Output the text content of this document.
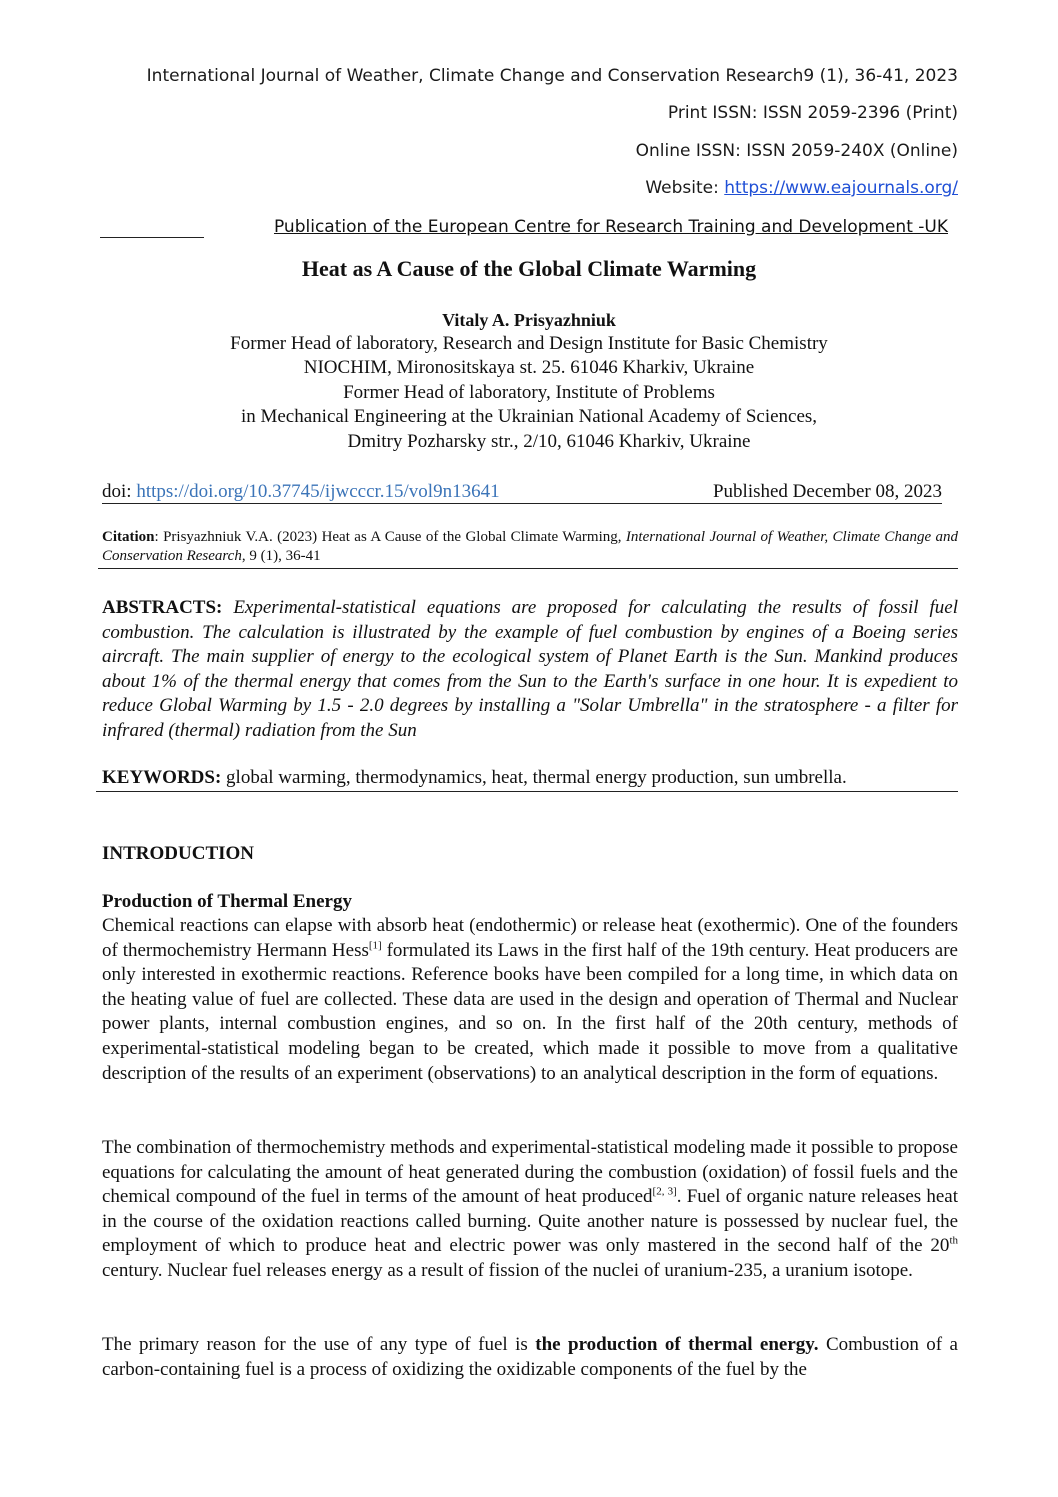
International Journal of Weather, Climate Change and Conservation Research9 (1), 36-41, 2023
Print ISSN: ISSN 2059-2396 (Print)
Online ISSN: ISSN 2059-240X (Online)
Website: https://www.eajournals.org/
Publication of the European Centre for Research Training and Development -UK
Heat as A Cause of the Global Climate Warming
Vitaly A. Prisyazhniuk
Former Head of laboratory, Research and Design Institute for Basic Chemistry
NIOCHIM, Mironositskaya st. 25. 61046 Kharkiv, Ukraine
Former Head of laboratory, Institute of Problems
in Mechanical Engineering at the Ukrainian National Academy of Sciences,
Dmitry Pozharsky str., 2/10, 61046 Kharkiv, Ukraine
doi: https://doi.org/10.37745/ijwcccr.15/vol9n13641	Published December 08, 2023
Citation: Prisyazhniuk V.A. (2023) Heat as A Cause of the Global Climate Warming, International Journal of Weather, Climate Change and Conservation Research, 9 (1), 36-41
ABSTRACTS: Experimental-statistical equations are proposed for calculating the results of fossil fuel combustion. The calculation is illustrated by the example of fuel combustion by engines of a Boeing series aircraft. The main supplier of energy to the ecological system of Planet Earth is the Sun. Mankind produces about 1% of the thermal energy that comes from the Sun to the Earth's surface in one hour. It is expedient to reduce Global Warming by 1.5 - 2.0 degrees by installing a "Solar Umbrella" in the stratosphere - a filter for infrared (thermal) radiation from the Sun
KEYWORDS: global warming, thermodynamics, heat, thermal energy production, sun umbrella.
INTRODUCTION
Production of Thermal Energy
Chemical reactions can elapse with absorb heat (endothermic) or release heat (exothermic). One of the founders of thermochemistry Hermann Hess[1] formulated its Laws in the first half of the 19th century. Heat producers are only interested in exothermic reactions. Reference books have been compiled for a long time, in which data on the heating value of fuel are collected. These data are used in the design and operation of Thermal and Nuclear power plants, internal combustion engines, and so on. In the first half of the 20th century, methods of experimental-statistical modeling began to be created, which made it possible to move from a qualitative description of the results of an experiment (observations) to an analytical description in the form of equations.
The combination of thermochemistry methods and experimental-statistical modeling made it possible to propose equations for calculating the amount of heat generated during the combustion (oxidation) of fossil fuels and the chemical compound of the fuel in terms of the amount of heat produced[2, 3]. Fuel of organic nature releases heat in the course of the oxidation reactions called burning. Quite another nature is possessed by nuclear fuel, the employment of which to produce heat and electric power was only mastered in the second half of the 20th century. Nuclear fuel releases energy as a result of fission of the nuclei of uranium-235, a uranium isotope.
The primary reason for the use of any type of fuel is the production of thermal energy. Combustion of a carbon-containing fuel is a process of oxidizing the oxidizable components of the fuel by the
